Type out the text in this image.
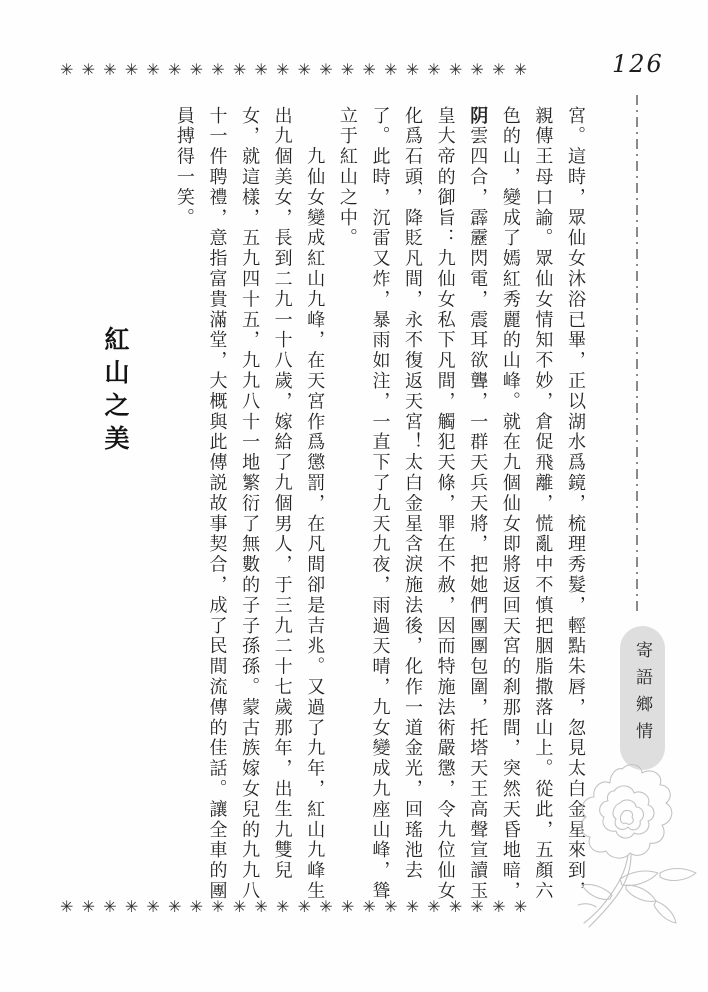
126
✳✳✳✳✳✳✳✳✳✳✳✳✳✳✳✳✳✳✳✳✳✳
宮。這時，眾仙女沐浴已畢，正以湖水爲鏡，梳理秀髮，輕點朱唇，忽見太白金星來到，
親傳王母口諭。眾仙女情知不妙，倉促飛離，慌亂中不慎把胭脂撒落山上。從此，五顏六
色的山，變成了嫣紅秀麗的山峰。就在九個仙女即將返回天宮的刹那間，突然天昏地暗，
阴雲四合，霹靂閃電，震耳欲聾，一群天兵天將，把她們團團包圍，托塔天王高聲宣讀玉
皇大帝的御旨：九仙女私下凡間，觸犯天條，罪在不赦，因而特施法術嚴懲，令九位仙女
化爲石頭，降貶凡間，永不復返天宮！太白金星含淚施法後，化作一道金光，回瑤池去
了。此時，沉雷又炸，暴雨如注，一直下了九天九夜，雨過天晴，九女變成九座山峰，聳
立于紅山之中。
　　九仙女變成紅山九峰，在天宮作爲懲罰，在凡間卻是吉兆。又過了九年，紅山九峰生
出九個美女，長到二九一十八歲，嫁給了九個男人，于三九二十七歲那年，出生九雙兒
女，就這樣，五九四十五，九九八十一地繁衍了無數的子子孫孫。蒙古族嫁女兒的九九八
十一件聘禮，意指富貴滿堂，大概與此傳説故事契合，成了民間流傳的佳話。讓全車的團
員搏得一笑。
紅山之美
寄語鄉情
✳✳✳✳✳✳✳✳✳✳✳✳✳✳✳✳✳✳✳✳✳✳
